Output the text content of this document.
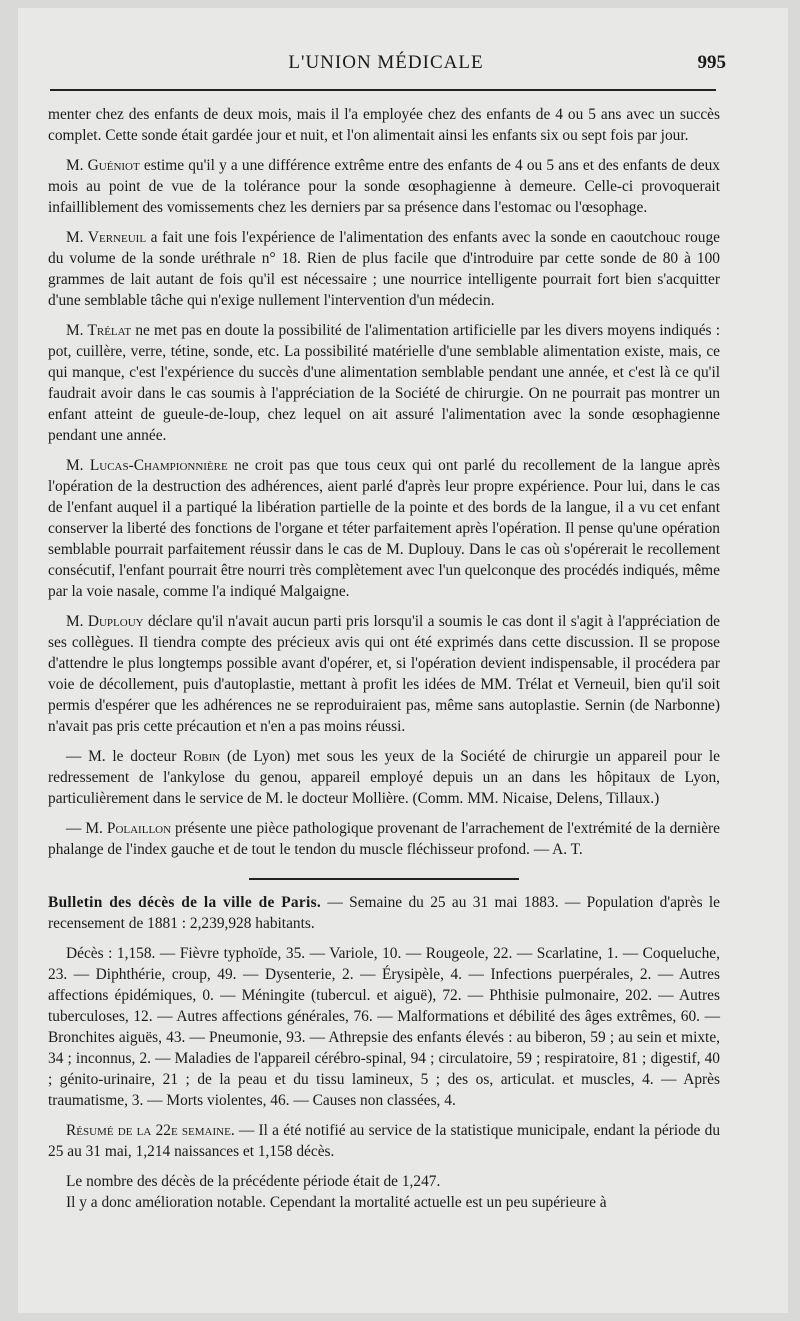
L'UNION MÉDICALE	995

menter chez des enfants de deux mois, mais il l'a employée chez des enfants de 4 ou 5 ans avec un succès complet. Cette sonde était gardée jour et nuit, et l'on alimentait ainsi les enfants six ou sept fois par jour.

M. Guéniot estime qu'il y a une différence extrême entre des enfants de 4 ou 5 ans et des enfants de deux mois au point de vue de la tolérance pour la sonde œsophagienne à demeure. Celle-ci provoquerait infailliblement des vomissements chez les derniers par sa présence dans l'estomac ou l'œsophage.

M. Verneuil a fait une fois l'expérience de l'alimentation des enfants avec la sonde en caoutchouc rouge du volume de la sonde uréthrale n° 18. Rien de plus facile que d'introduire par cette sonde de 80 à 100 grammes de lait autant de fois qu'il est nécessaire ; une nourrice intelligente pourrait fort bien s'acquitter d'une semblable tâche qui n'exige nullement l'intervention d'un médecin.

M. Trélat ne met pas en doute la possibilité de l'alimentation artificielle par les divers moyens indiqués : pot, cuillère, verre, tétine, sonde, etc. La possibilité matérielle d'une semblable alimentation existe, mais, ce qui manque, c'est l'expérience du succès d'une alimentation semblable pendant une année, et c'est là ce qu'il faudrait avoir dans le cas soumis à l'appréciation de la Société de chirurgie. On ne pourrait pas montrer un enfant atteint de gueule-de-loup, chez lequel on ait assuré l'alimentation avec la sonde œsophagienne pendant une année.

M. Lucas-Championnière ne croit pas que tous ceux qui ont parlé du recollement de la langue après l'opération de la destruction des adhérences, aient parlé d'après leur propre expérience. Pour lui, dans le cas de l'enfant auquel il a partiqué la libération partielle de la pointe et des bords de la langue, il a vu cet enfant conserver la liberté des fonctions de l'organe et téter parfaitement après l'opération. Il pense qu'une opération semblable pourrait parfaitement réussir dans le cas de M. Duplouy. Dans le cas où s'opérerait le recollement consécutif, l'enfant pourrait être nourri très complètement avec l'un quelconque des procédés indiqués, même par la voie nasale, comme l'a indiqué Malgaigne.

M. Duplouy déclare qu'il n'avait aucun parti pris lorsqu'il a soumis le cas dont il s'agit à l'appréciation de ses collègues. Il tiendra compte des précieux avis qui ont été exprimés dans cette discussion. Il se propose d'attendre le plus longtemps possible avant d'opérer, et, si l'opération devient indispensable, il procédera par voie de décollement, puis d'autoplastie, mettant à profit les idées de MM. Trélat et Verneuil, bien qu'il soit permis d'espérer que les adhérences ne se reproduiraient pas, même sans autoplastie. Sernin (de Narbonne) n'avait pas pris cette précaution et n'en a pas moins réussi.

— M. le docteur Robin (de Lyon) met sous les yeux de la Société de chirurgie un appareil pour le redressement de l'ankylose du genou, appareil employé depuis un an dans les hôpitaux de Lyon, particulièrement dans le service de M. le docteur Mollière. (Comm. MM. Nicaise, Delens, Tillaux.)

— M. Polaillon présente une pièce pathologique provenant de l'arrachement de l'extrémité de la dernière phalange de l'index gauche et de tout le tendon du muscle fléchisseur profond. — A. T.

Bulletin des décès de la ville de Paris. — Semaine du 25 au 31 mai 1883. — Population d'après le recensement de 1881 : 2,239,928 habitants.

Décès : 1,158. — Fièvre typhoïde, 35. — Variole, 10. — Rougeole, 22. — Scarlatine, 1. — Coqueluche, 23. — Diphthérie, croup, 49. — Dysenterie, 2. — Érysipèle, 4. — Infections puerpérales, 2. — Autres affections épidémiques, 0. — Méningite (tubercul. et aiguë), 72. — Phthisie pulmonaire, 202. — Autres tuberculoses, 12. — Autres affections générales, 76. — Malformations et débilité des âges extrêmes, 60. — Bronchites aiguës, 43. — Pneumonie, 93. — Athrepsie des enfants élevés : au biberon, 59 ; au sein et mixte, 34 ; inconnus, 2. — Maladies de l'appareil cérébro-spinal, 94 ; circulatoire, 59 ; respiratoire, 81 ; digestif, 40 ; génito-urinaire, 21 ; de la peau et du tissu lamineux, 5 ; des os, articulat. et muscles, 4. — Après traumatisme, 3. — Morts violentes, 46. — Causes non classées, 4.

Résumé de la 22e semaine. — Il a été notifié au service de la statistique municipale, endant la période du 25 au 31 mai, 1,214 naissances et 1,158 décès.

Le nombre des décès de la précédente période était de 1,247.

Il y a donc amélioration notable. Cependant la mortalité actuelle est un peu supérieure à
